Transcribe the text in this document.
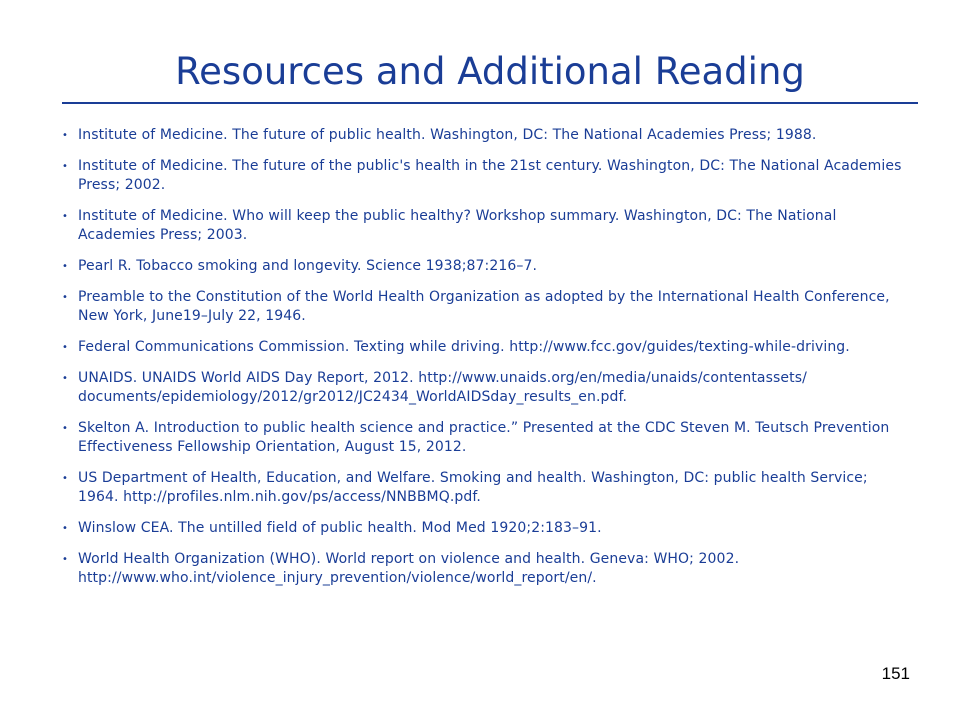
Resources and Additional Reading
• Institute of Medicine. The future of public health. Washington, DC: The National Academies Press; 1988.
• Institute of Medicine. The future of the public's health in the 21st century. Washington, DC: The National Academies Press; 2002.
• Institute of Medicine. Who will keep the public healthy? Workshop summary. Washington, DC: The National Academies Press; 2003.
• Pearl R. Tobacco smoking and longevity. Science 1938;87:216–7.
• Preamble to the Constitution of the World Health Organization as adopted by the International Health Conference, New York, June19–July 22, 1946.
• Federal Communications Commission. Texting while driving. http://www.fcc.gov/guides/texting-while-driving.
• UNAIDS. UNAIDS World AIDS Day Report, 2012. http://www.unaids.org/en/media/unaids/contentassets/ documents/epidemiology/2012/gr2012/JC2434_WorldAIDSday_results_en.pdf.
• Skelton A. Introduction to public health science and practice.” Presented at the CDC Steven M. Teutsch Prevention Effectiveness Fellowship Orientation, August 15, 2012.
• US Department of Health, Education, and Welfare. Smoking and health. Washington, DC: public health Service; 1964. http://profiles.nlm.nih.gov/ps/access/NNBBMQ.pdf.
• Winslow CEA. The untilled field of public health. Mod Med 1920;2:183–91.
• World Health Organization (WHO). World report on violence and health. Geneva: WHO; 2002. http://www.who.int/violence_injury_prevention/violence/world_report/en/.
151
